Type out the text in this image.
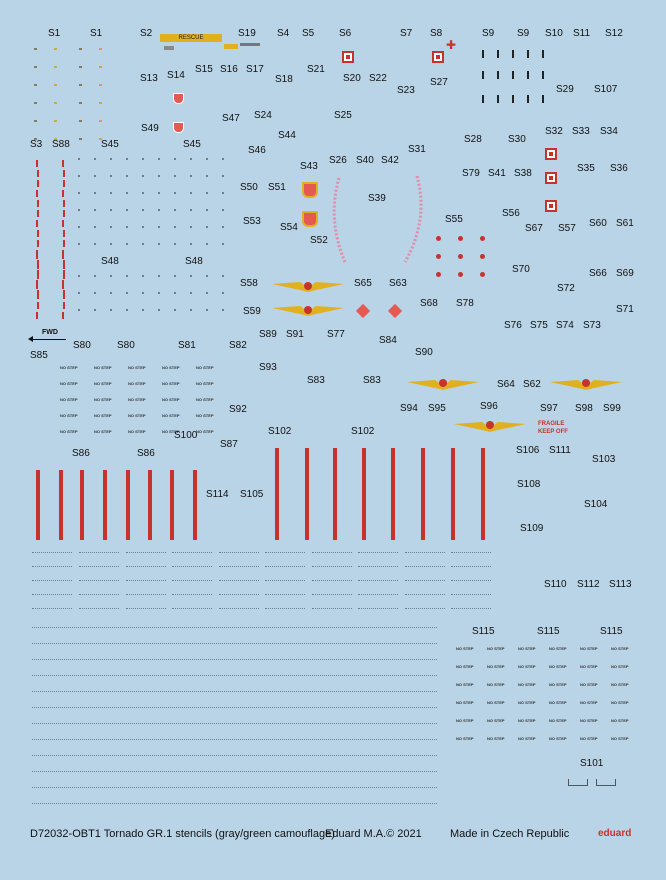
S1	S1	S2	S19 S4 S5 S6	S7 S8	S9 S9 S10 S11 S12
RESCUE	✚
S13 S14
S15 S16 S17
S18
S21
S20 S22
S23
S27
S29 S107
S49
S47 S24	S25
S44	S28	S30
S32 S33 S34
S3 S88	S45	S45
S46
S26 S40 S42
S31
S43
S79 S41 S38	S35 S36
S50 S51
S39
S56
S53	S55
S54	S67 S57 S60 S61
S52
S48	S48
S70	S66 S69
S58	S65 S63	S72
S68 S78
S71
S59
S76 S75 S74 S73
FWD	S89 S91 S77
S84
S85
S80	S80	S81	S82
S90
NO STEP	NO STEP	NO STEP	NO STEP	NO STEP
NO STEP	NO STEP	NO STEP	NO STEP	NO STEP
NO STEP	NO STEP	NO STEP	NO STEP	NO STEP
NO STEP	NO STEP	NO STEP	NO STEP	NO STEP
NO STEP	NO STEP	NO STEP	NO STEP	NO STEP
S93
S83	S83	S64 S62
S92	S94 S95	S96	S97 S98 S99
FRAGILE
KEEP OFF
S100	S102	S102
S87
S86	S86	S106 S111
S103
S108
S114 S105
S104
S109
S110 S112 S113
S115	S115	S115
NO STEP	NO STEP	NO STEP	NO STEP	NO STEP	NO STEP
NO STEP	NO STEP	NO STEP	NO STEP	NO STEP	NO STEP
NO STEP	NO STEP	NO STEP	NO STEP	NO STEP	NO STEP
NO STEP	NO STEP	NO STEP	NO STEP	NO STEP	NO STEP
NO STEP	NO STEP	NO STEP	NO STEP	NO STEP	NO STEP
NO STEP	NO STEP	NO STEP	NO STEP	NO STEP	NO STEP
S101
D72032-OBT1 Tornado GR.1 stencils (gray/green camouflage)
Eduard M.A.© 2021	Made in Czech Republic	eduard
